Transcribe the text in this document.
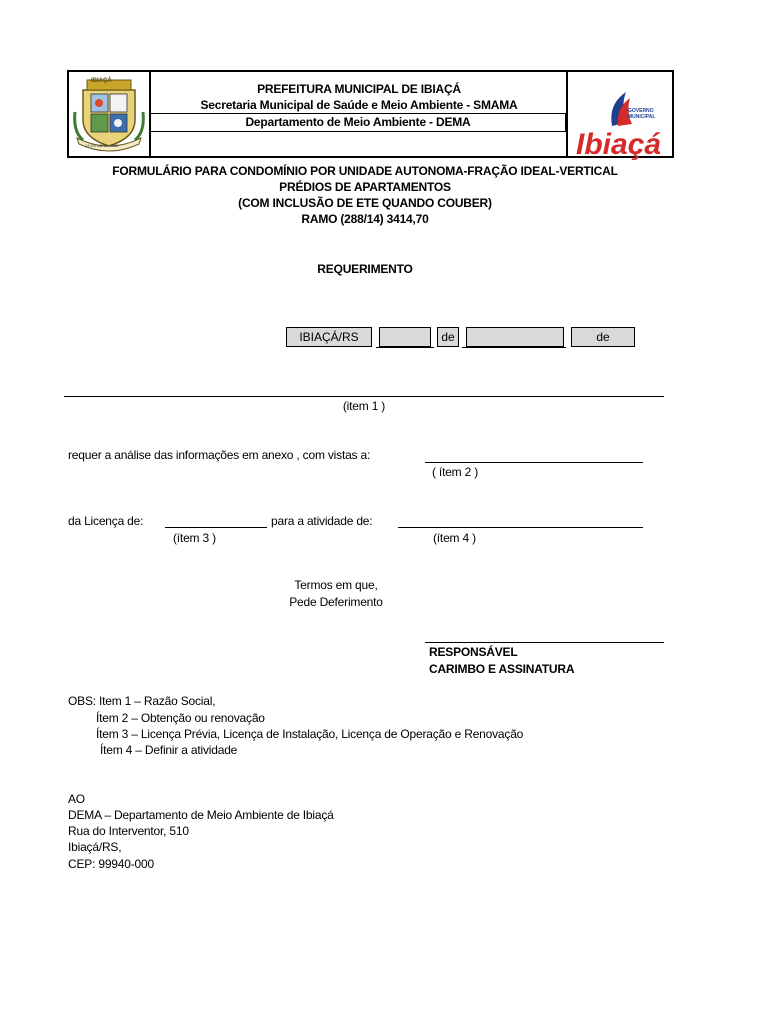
IBIAÇÁ
13 DE ABRIL 1965
PREFEITURA MUNICIPAL DE IBIAÇÁ
Secretaria Municipal de Saúde e Meio Ambiente - SMAMA	GOVERNO MUNICIPAL
Ibiaçá
Departamento de Meio Ambiente - DEMA
FORMULÁRIO PARA CONDOMÍNIO POR UNIDADE AUTONOMA-FRAÇÃO IDEAL-VERTICAL
PRÉDIOS DE APARTAMENTOS
(COM INCLUSÃO DE ETE QUANDO COUBER)
RAMO (288/14) 3414,70
REQUERIMENTO
IBIAÇÁ/RS	de	de
(item 1 )
requer a análise das informações em anexo , com vistas a:
( ítem 2 )
da Licença de:	para a atividade de:
(ítem 3 )	(ítem 4 )
Termos em que,
Pede Deferimento
RESPONSÁVEL
CARIMBO E ASSINATURA
OBS: Item 1 – Razão Social,
Ítem 2 – Obtenção ou renovação
Ítem 3 – Licença Prévia, Licença de Instalação, Licença de Operação e Renovação
Ítem 4 – Definir a atividade
AO
DEMA – Departamento de Meio Ambiente de Ibiaçá
Rua do Interventor, 510
Ibiaçá/RS,
CEP: 99940-000
